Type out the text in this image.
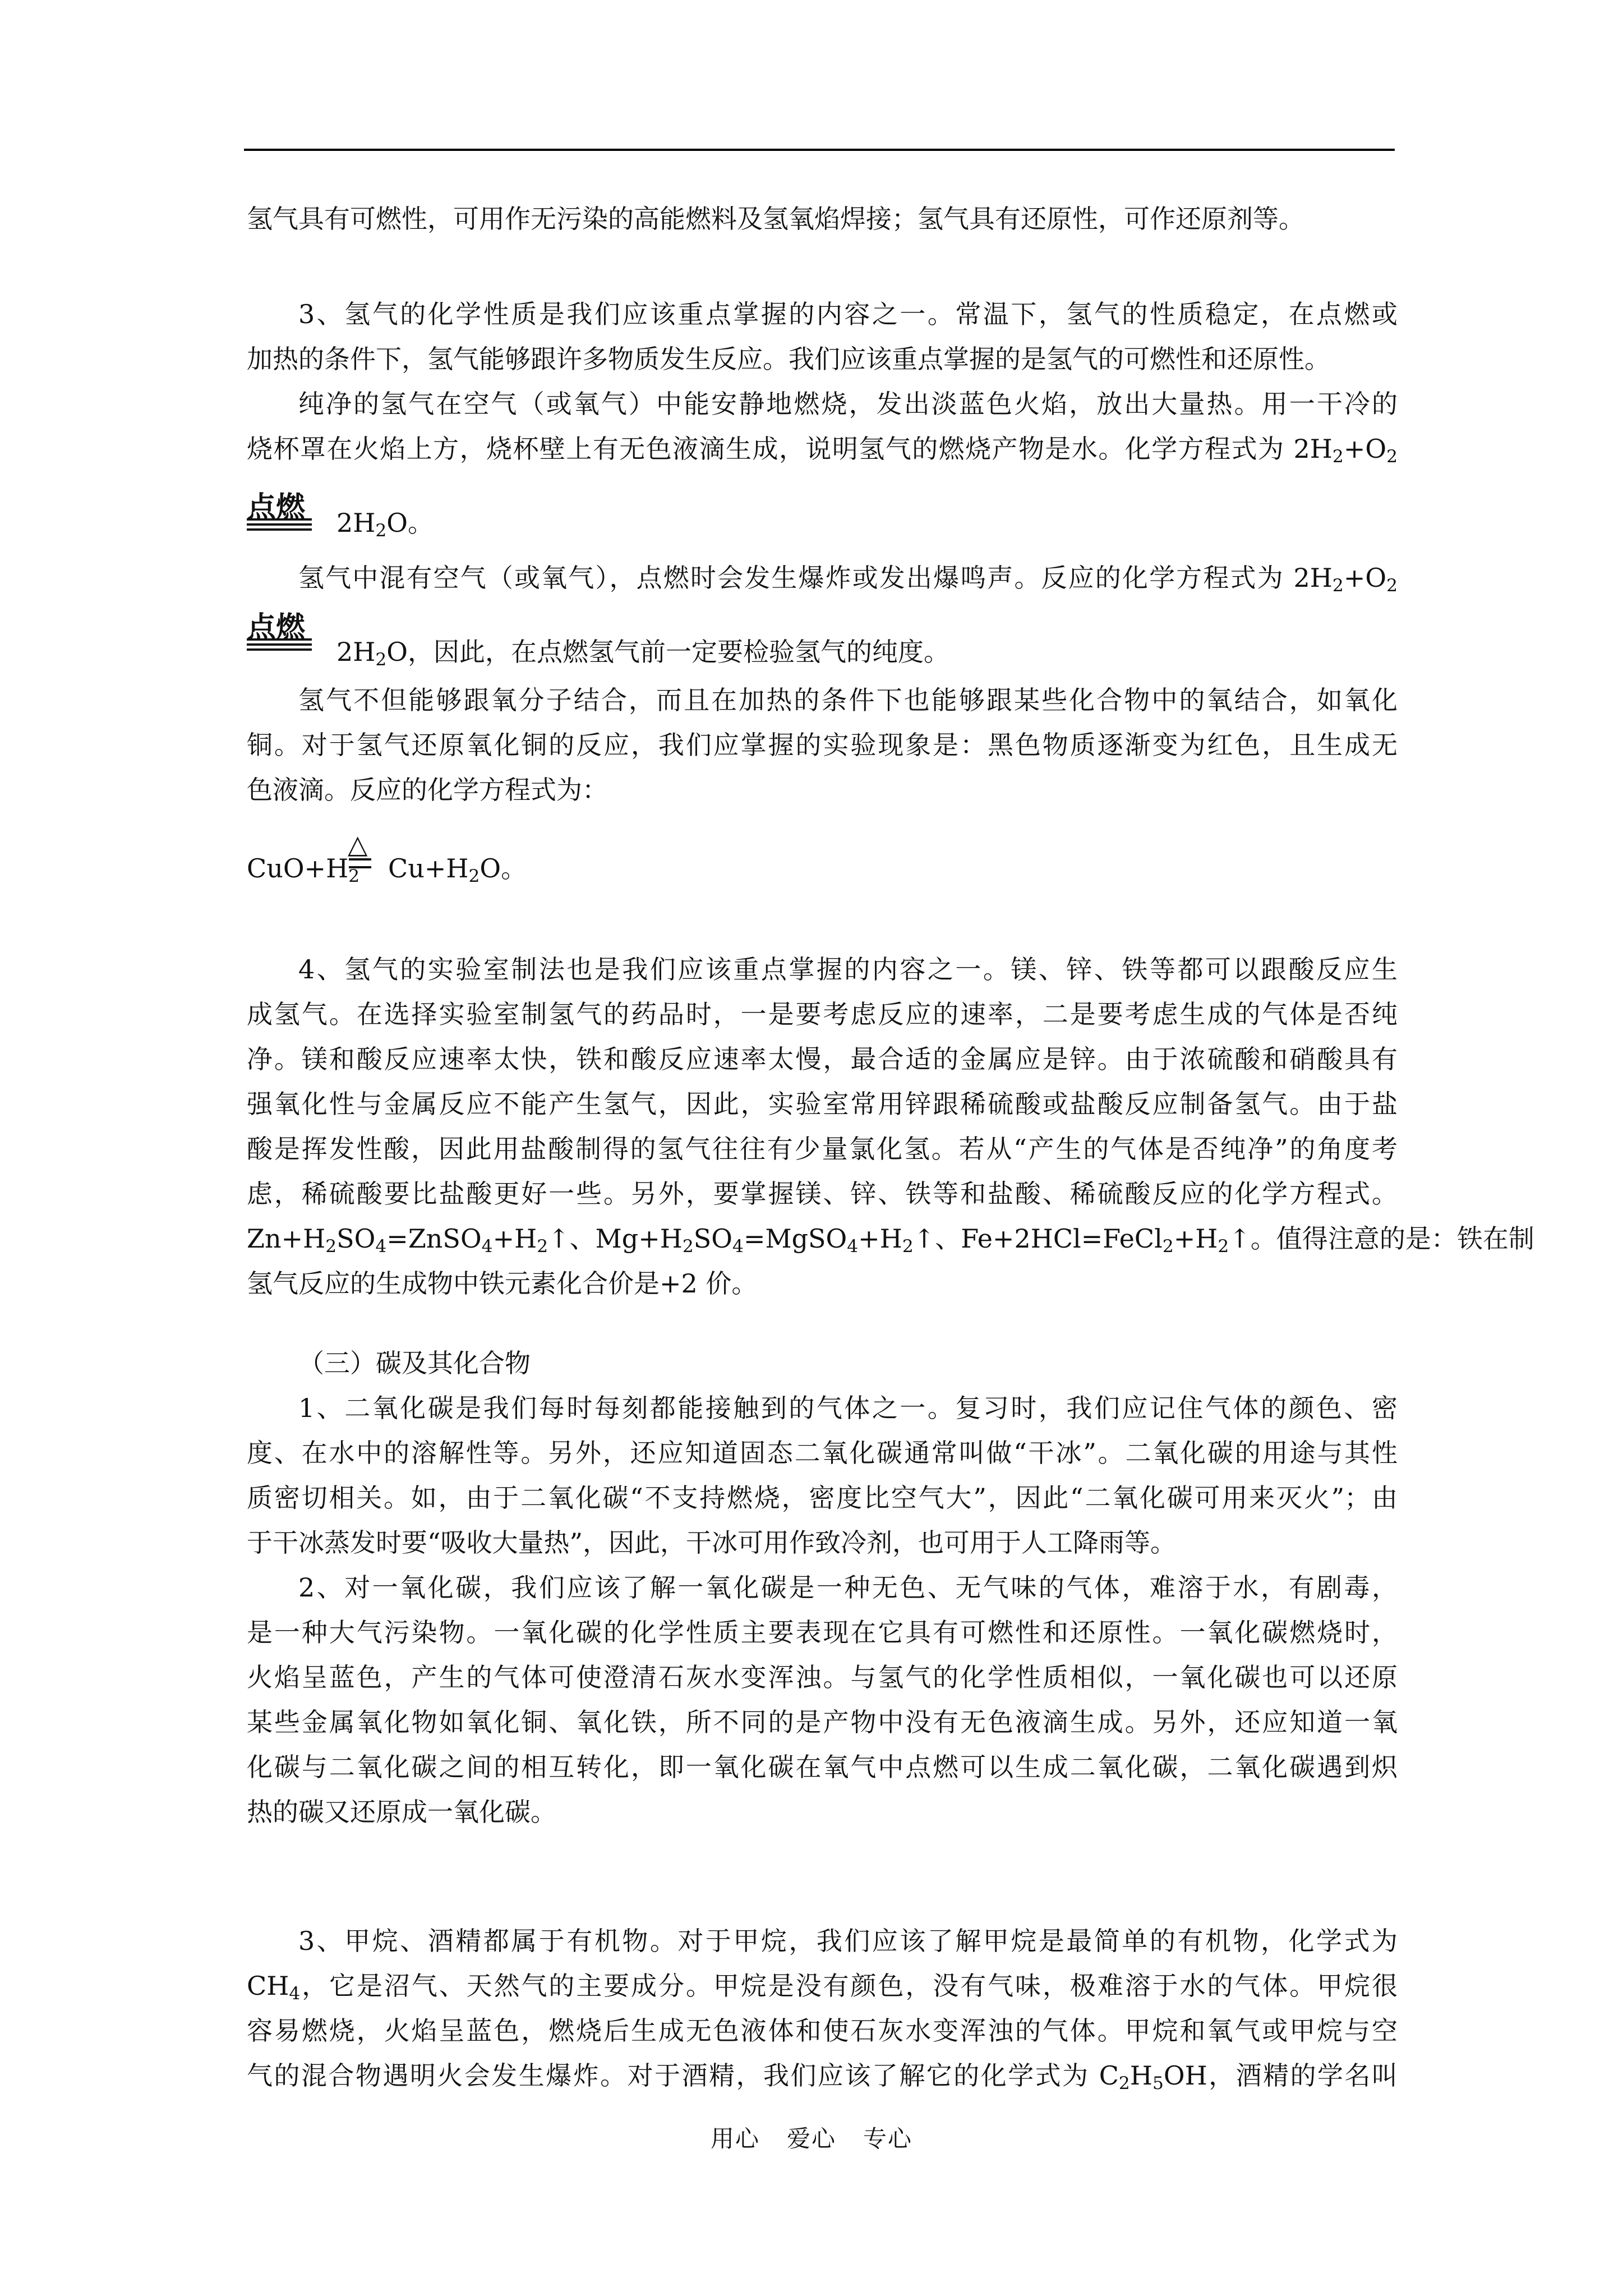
氢气具有可燃性，可用作无污染的高能燃料及氢氧焰焊接；氢气具有还原性，可作还原剂等。

3、氢气的化学性质是我们应该重点掌握的内容之一。常温下，氢气的性质稳定，在点燃或
加热的条件下，氢气能够跟许多物质发生反应。我们应该重点掌握的是氢气的可燃性和还原性。

纯净的氢气在空气（或氧气）中能安静地燃烧，发出淡蓝色火焰，放出大量热。用一干冷的
烧杯罩在火焰上方，烧杯壁上有无色液滴生成，说明氢气的燃烧产物是水。化学方程式为 $2H_2+O_2$

点燃 $2H_2O$。

氢气中混有空气（或氧气），点燃时会发生爆炸或发出爆鸣声。反应的化学方程式为 $2H_2+O_2$

点燃
$2H_2O$，因此，在点燃氢气前一定要检验氢气的纯度。

氢气不但能够跟氧分子结合，而且在加热的条件下也能够跟某些化合物中的氧结合，如氧化
铜。对于氢气还原氧化铜的反应，我们应掌握的实验现象是：黑色物质逐渐变为红色，且生成无
色液滴。反应的化学方程式为：

$CuO+H_2$
△
$Cu+H_2O$。

4、氢气的实验室制法也是我们应该重点掌握的内容之一。镁、锌、铁等都可以跟酸反应生
成氢气。在选择实验室制氢气的药品时，一是要考虑反应的速率，二是要考虑生成的气体是否纯
净。镁和酸反应速率太快，铁和酸反应速率太慢，最合适的金属应是锌。由于浓硫酸和硝酸具有
强氧化性与金属反应不能产生氢气，因此，实验室常用锌跟稀硫酸或盐酸反应制备氢气。由于盐
酸是挥发性酸，因此用盐酸制得的氢气往往有少量氯化氢。若从“产生的气体是否纯净”的角度考
虑，稀硫酸要比盐酸更好一些。另外，要掌握镁、锌、铁等和盐酸、稀硫酸反应的化学方程式。
$Zn+H_2SO_4=ZnSO_4+H_2↑$、$Mg+H_2SO_4=MgSO_4+H_2↑$、$Fe+2HCl=FeCl_2+H_2↑$。值得注意的是：铁在制
氢气反应的生成物中铁元素化合价是+2 价。

（三）碳及其化合物

1、二氧化碳是我们每时每刻都能接触到的气体之一。复习时，我们应记住气体的颜色、密
度、在水中的溶解性等。另外，还应知道固态二氧化碳通常叫做“干冰”。二氧化碳的用途与其性
质密切相关。如，由于二氧化碳“不支持燃烧，密度比空气大”，因此“二氧化碳可用来灭火”；由
于干冰蒸发时要“吸收大量热”，因此，干冰可用作致冷剂，也可用于人工降雨等。

2、对一氧化碳，我们应该了解一氧化碳是一种无色、无气味的气体，难溶于水，有剧毒，
是一种大气污染物。一氧化碳的化学性质主要表现在它具有可燃性和还原性。一氧化碳燃烧时，
火焰呈蓝色，产生的气体可使澄清石灰水变浑浊。与氢气的化学性质相似，一氧化碳也可以还原
某些金属氧化物如氧化铜、氧化铁，所不同的是产物中没有无色液滴生成。另外，还应知道一氧
化碳与二氧化碳之间的相互转化，即一氧化碳在氧气中点燃可以生成二氧化碳，二氧化碳遇到炽
热的碳又还原成一氧化碳。

3、甲烷、酒精都属于有机物。对于甲烷，我们应该了解甲烷是最简单的有机物，化学式为
$CH_4$，它是沼气、天然气的主要成分。甲烷是没有颜色，没有气味，极难溶于水的气体。甲烷很
容易燃烧，火焰呈蓝色，燃烧后生成无色液体和使石灰水变浑浊的气体。甲烷和氧气或甲烷与空
气的混合物遇明火会发生爆炸。对于酒精，我们应该了解它的化学式为 $C_2H_5OH$，酒精的学名叫

用心 爱心 专心
